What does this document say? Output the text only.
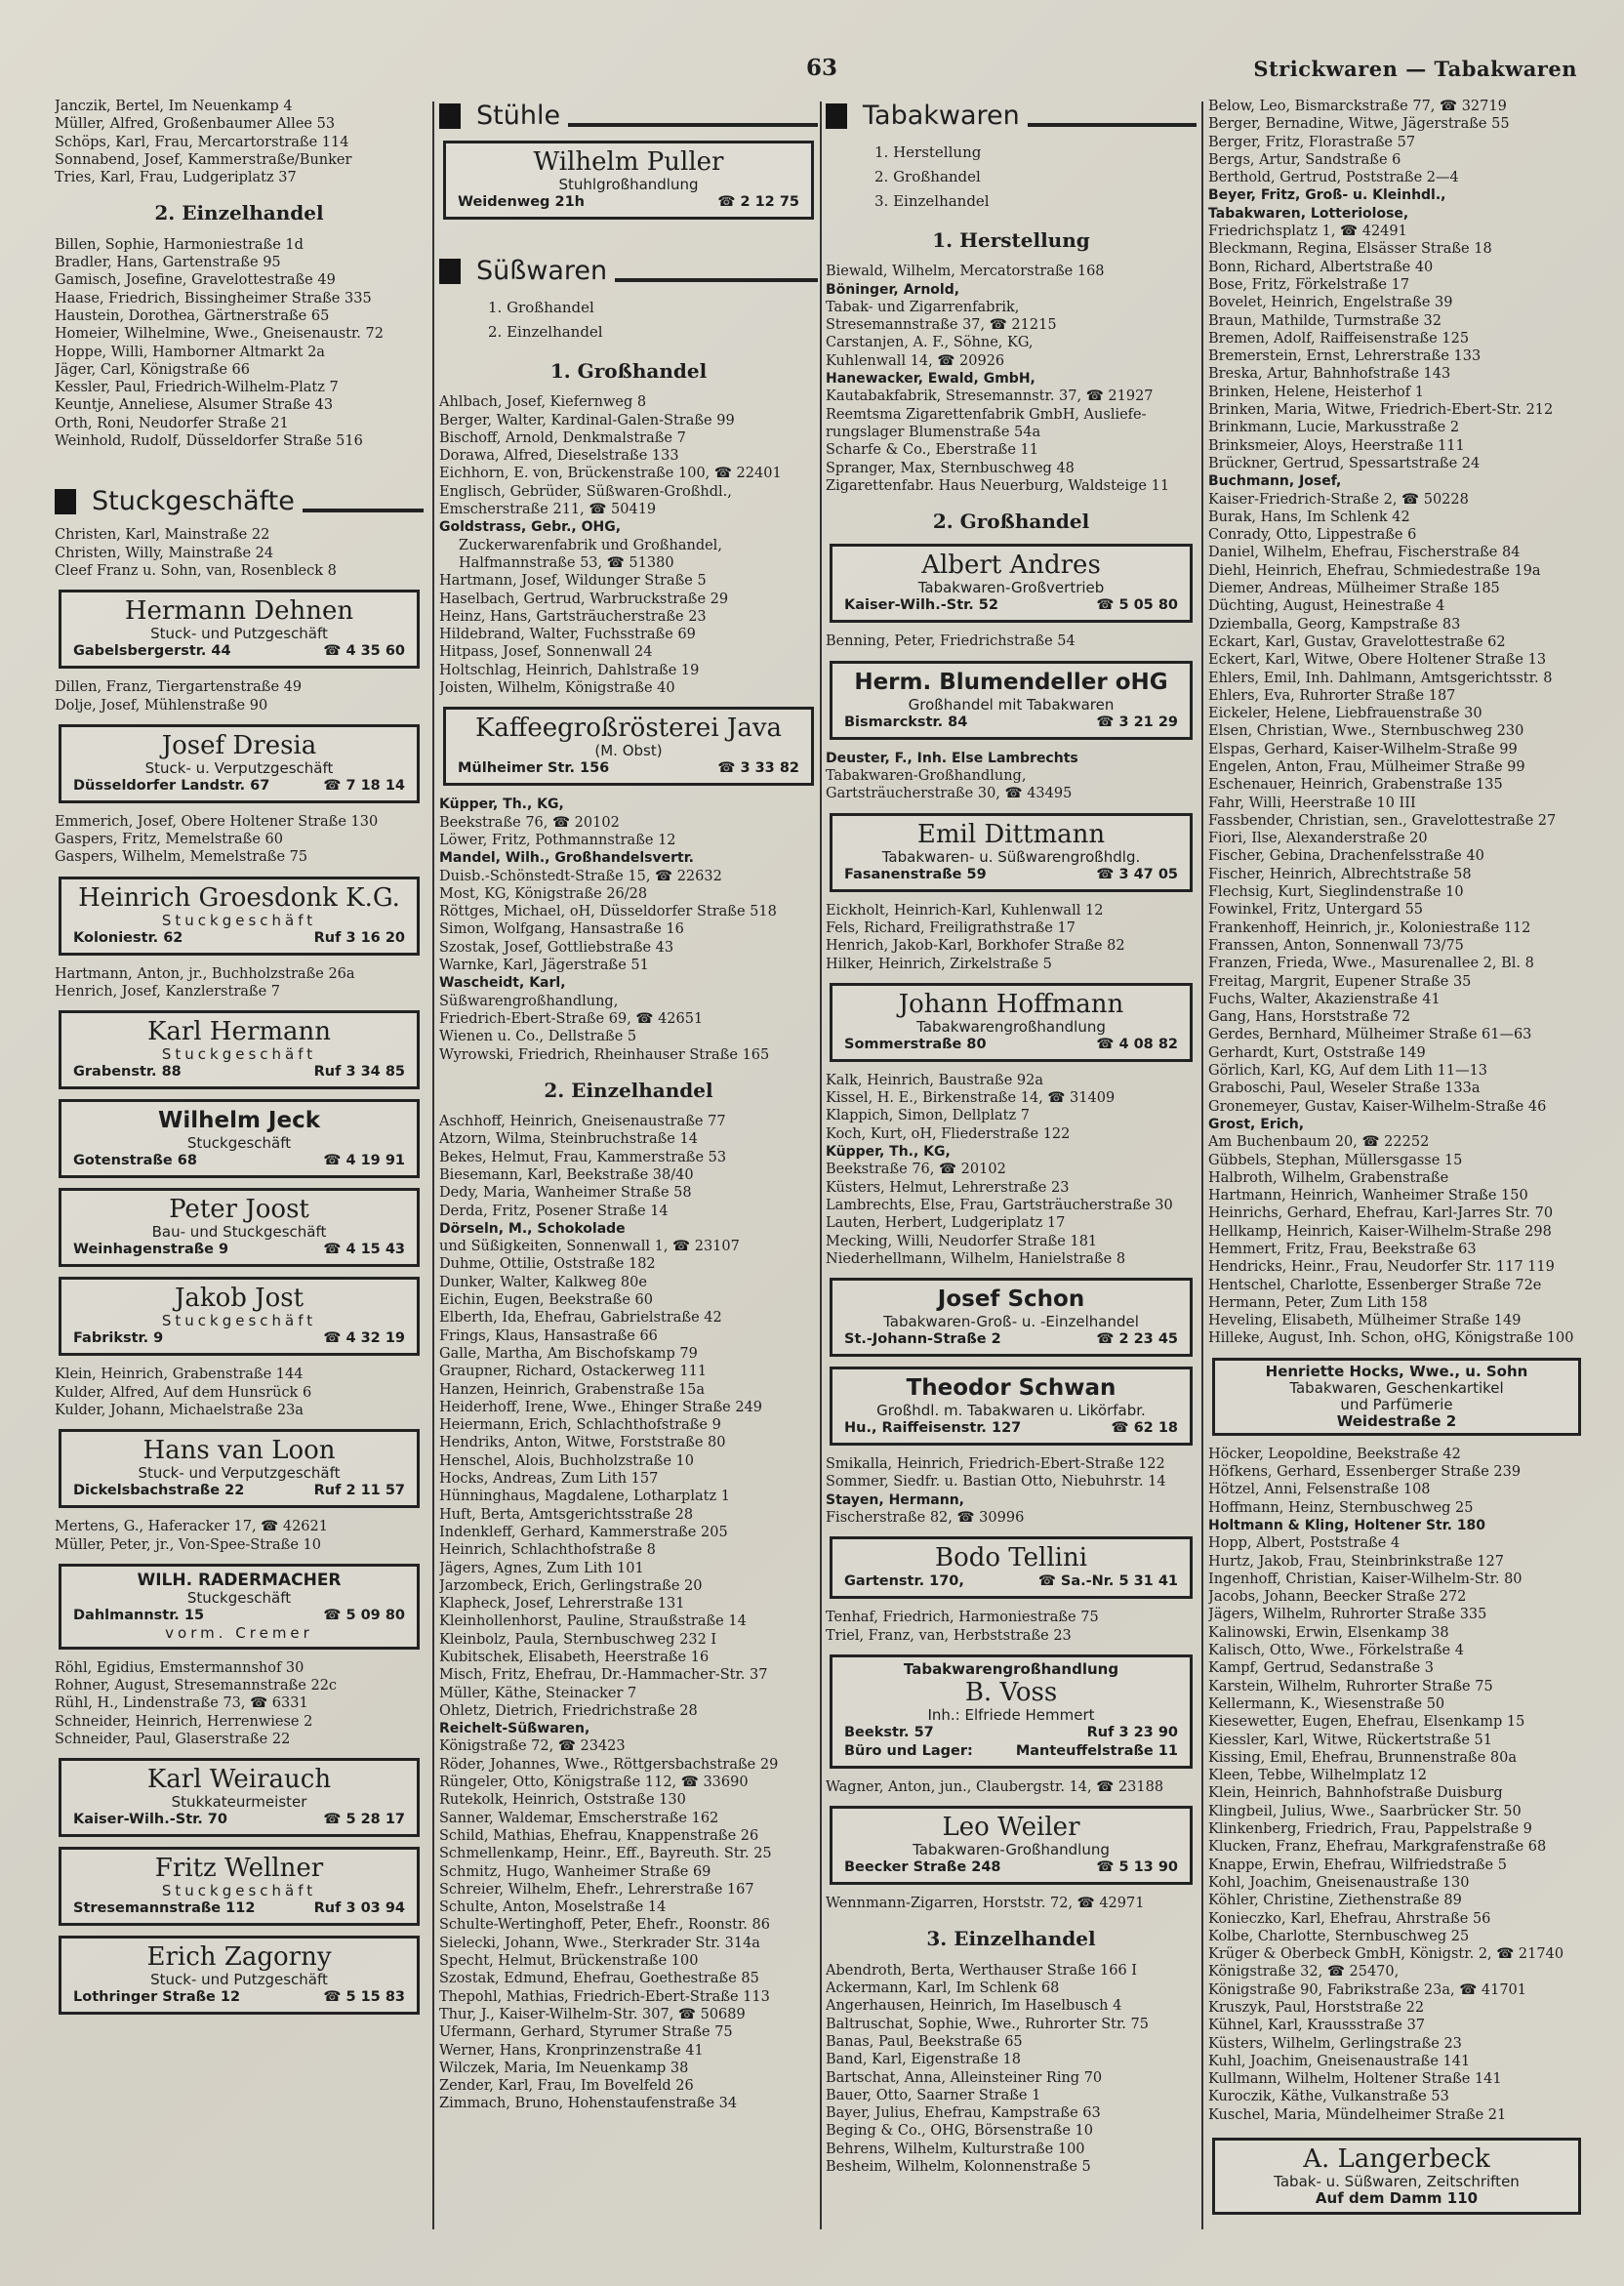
63	Strickwaren — Tabakwaren
Janczik, Bertel, Im Neuenkamp 4
Müller, Alfred, Großenbaumer Allee 53
Schöps, Karl, Frau, Mercartorstraße 114
Sonnabend, Josef, Kammerstraße/Bunker
Tries, Karl, Frau, Ludgeriplatz 37
2. Einzelhandel
Billen, Sophie, Harmoniestraße 1d
Bradler, Hans, Gartenstraße 95
Gamisch, Josefine, Gravelottestraße 49
Haase, Friedrich, Bissingheimer Straße 335
Haustein, Dorothea, Gärtnerstraße 65
Homeier, Wilhelmine, Wwe., Gneisenaustr. 72
Hoppe, Willi, Hamborner Altmarkt 2a
Jäger, Carl, Königstraße 66
Kessler, Paul, Friedrich-Wilhelm-Platz 7
Keuntje, Anneliese, Alsumer Straße 43
Orth, Roni, Neudorfer Straße 21
Weinhold, Rudolf, Düsseldorfer Straße 516
Stuckgeschäfte
Christen, Karl, Mainstraße 22
Christen, Willy, Mainstraße 24
Cleef Franz u. Sohn, van, Rosenbleck 8
Hermann Dehnen
Stuck- und Putzgeschäft
Gabelsbergerstr. 44	☎ 4 35 60
Dillen, Franz, Tiergartenstraße 49
Dolje, Josef, Mühlenstraße 90
Josef Dresia
Stuck- u. Verputzgeschäft
Düsseldorfer Landstr. 67	☎ 7 18 14
Emmerich, Josef, Obere Holtener Straße 130
Gaspers, Fritz, Memelstraße 60
Gaspers, Wilhelm, Memelstraße 75
Heinrich Groesdonk K.G.
Stuckgeschäft
Koloniestr. 62	Ruf 3 16 20
Hartmann, Anton, jr., Buchholzstraße 26a
Henrich, Josef, Kanzlerstraße 7
Karl Hermann
Stuckgeschäft
Grabenstr. 88	Ruf 3 34 85
Wilhelm Jeck
Stuckgeschäft
Gotenstraße 68	☎ 4 19 91
Peter Joost
Bau- und Stuckgeschäft
Weinhagenstraße 9	☎ 4 15 43
Jakob Jost
Stuckgeschäft
Fabrikstr. 9	☎ 4 32 19
Klein, Heinrich, Grabenstraße 144
Kulder, Alfred, Auf dem Hunsrück 6
Kulder, Johann, Michaelstraße 23a
Hans van Loon
Stuck- und Verputzgeschäft
Dickelsbachstraße 22	Ruf 2 11 57
Mertens, G., Haferacker 17, ☎ 42621
Müller, Peter, jr., Von-Spee-Straße 10
WILH. RADERMACHER
Stuckgeschäft
Dahlmannstr. 15	☎ 5 09 80
vorm. Cremer
Röhl, Egidius, Emstermannshof 30
Rohner, August, Stresemannstraße 22c
Rühl, H., Lindenstraße 73, ☎ 6331
Schneider, Heinrich, Herrenwiese 2
Schneider, Paul, Glaserstraße 22
Karl Weirauch
Stukkateurmeister
Kaiser-Wilh.-Str. 70	☎ 5 28 17
Fritz Wellner
Stuckgeschäft
Stresemannstraße 112	Ruf 3 03 94
Erich Zagorny
Stuck- und Putzgeschäft
Lothringer Straße 12	☎ 5 15 83
Stühle
Wilhelm Puller
Stuhlgroßhandlung
Weidenweg 21h	☎ 2 12 75
Süßwaren
1. Großhandel
2. Einzelhandel
1. Großhandel
Ahlbach, Josef, Kiefernweg 8
Berger, Walter, Kardinal-Galen-Straße 99
Bischoff, Arnold, Denkmalstraße 7
Dorawa, Alfred, Dieselstraße 133
Eichhorn, E. von, Brückenstraße 100, ☎ 22401
Englisch, Gebrüder, Süßwaren-Großhdl.,
Emscherstraße 211, ☎ 50419
Goldstrass, Gebr., OHG,
Zuckerwarenfabrik und Großhandel,
Halfmannstraße 53, ☎ 51380
Hartmann, Josef, Wildunger Straße 5
Haselbach, Gertrud, Warbruckstraße 29
Heinz, Hans, Gartsträucherstraße 23
Hildebrand, Walter, Fuchsstraße 69
Hitpass, Josef, Sonnenwall 24
Holtschlag, Heinrich, Dahlstraße 19
Joisten, Wilhelm, Königstraße 40
Kaffeegroßrösterei Java
(M. Obst)
Mülheimer Str. 156	☎ 3 33 82
Küpper, Th., KG,
Beekstraße 76, ☎ 20102
Löwer, Fritz, Pothmannstraße 12
Mandel, Wilh., Großhandelsvertr.
Duisb.-Schönstedt-Straße 15, ☎ 22632
Most, KG, Königstraße 26/28
Röttges, Michael, oH, Düsseldorfer Straße 518
Simon, Wolfgang, Hansastraße 16
Szostak, Josef, Gottliebstraße 43
Warnke, Karl, Jägerstraße 51
Wascheidt, Karl,
Süßwarengroßhandlung,
Friedrich-Ebert-Straße 69, ☎ 42651
Wienen u. Co., Dellstraße 5
Wyrowski, Friedrich, Rheinhauser Straße 165
2. Einzelhandel
Aschhoff, Heinrich, Gneisenaustraße 77
Atzorn, Wilma, Steinbruchstraße 14
Bekes, Helmut, Frau, Kammerstraße 53
Biesemann, Karl, Beekstraße 38/40
Dedy, Maria, Wanheimer Straße 58
Derda, Fritz, Posener Straße 14
Dörseln, M., Schokolade
und Süßigkeiten, Sonnenwall 1, ☎ 23107
Duhme, Ottilie, Oststraße 182
Dunker, Walter, Kalkweg 80e
Eichin, Eugen, Beekstraße 60
Elberth, Ida, Ehefrau, Gabrielstraße 42
Frings, Klaus, Hansastraße 66
Galle, Martha, Am Bischofskamp 79
Graupner, Richard, Ostackerweg 111
Hanzen, Heinrich, Grabenstraße 15a
Heiderhoff, Irene, Wwe., Ehinger Straße 249
Heiermann, Erich, Schlachthofstraße 9
Hendriks, Anton, Witwe, Forststraße 80
Henschel, Alois, Buchholzstraße 10
Hocks, Andreas, Zum Lith 157
Hünninghaus, Magdalene, Lotharplatz 1
Huft, Berta, Amtsgerichtsstraße 28
Indenkleff, Gerhard, Kammerstraße 205
Heinrich, Schlachthofstraße 8
Jägers, Agnes, Zum Lith 101
Jarzombeck, Erich, Gerlingstraße 20
Klapheck, Josef, Lehrerstraße 131
Kleinhollenhorst, Pauline, Straußstraße 14
Kleinbolz, Paula, Sternbuschweg 232 I
Kubitschek, Elisabeth, Heerstraße 16
Misch, Fritz, Ehefrau, Dr.-Hammacher-Str. 37
Müller, Käthe, Steinacker 7
Ohletz, Dietrich, Friedrichstraße 28
Reichelt-Süßwaren,
Königstraße 72, ☎ 23423
Röder, Johannes, Wwe., Röttgersbachstraße 29
Rüngeler, Otto, Königstraße 112, ☎ 33690
Rutekolk, Heinrich, Oststraße 130
Sanner, Waldemar, Emscherstraße 162
Schild, Mathias, Ehefrau, Knappenstraße 26
Schmellenkamp, Heinr., Eff., Bayreuth. Str. 25
Schmitz, Hugo, Wanheimer Straße 69
Schreier, Wilhelm, Ehefr., Lehrerstraße 167
Schulte, Anton, Moselstraße 14
Schulte-Wertinghoff, Peter, Ehefr., Roonstr. 86
Sielecki, Johann, Wwe., Sterkrader Str. 314a
Specht, Helmut, Brückenstraße 100
Szostak, Edmund, Ehefrau, Goethestraße 85
Thepohl, Mathias, Friedrich-Ebert-Straße 113
Thur, J., Kaiser-Wilhelm-Str. 307, ☎ 50689
Ufermann, Gerhard, Styrumer Straße 75
Werner, Hans, Kronprinzenstraße 41
Wilczek, Maria, Im Neuenkamp 38
Zender, Karl, Frau, Im Bovelfeld 26
Zimmach, Bruno, Hohenstaufenstraße 34
Tabakwaren
1. Herstellung
2. Großhandel
3. Einzelhandel
1. Herstellung
Biewald, Wilhelm, Mercatorstraße 168
Böninger, Arnold,
Tabak- und Zigarrenfabrik,
Stresemannstraße 37, ☎ 21215
Carstanjen, A. F., Söhne, KG,
Kuhlenwall 14, ☎ 20926
Hanewacker, Ewald, GmbH,
Kautabakfabrik, Stresemannstr. 37, ☎ 21927
Reemtsma Zigarettenfabrik GmbH, Ausliefe-
rungslager Blumenstraße 54a
Scharfe & Co., Eberstraße 11
Spranger, Max, Sternbuschweg 48
Zigarettenfabr. Haus Neuerburg, Waldsteige 11
2. Großhandel
Albert Andres
Tabakwaren-Großvertrieb
Kaiser-Wilh.-Str. 52	☎ 5 05 80
Benning, Peter, Friedrichstraße 54
Herm. Blumendeller oHG
Großhandel mit Tabakwaren
Bismarckstr. 84	☎ 3 21 29
Deuster, F., Inh. Else Lambrechts
Tabakwaren-Großhandlung,
Gartsträucherstraße 30, ☎ 43495
Emil Dittmann
Tabakwaren- u. Süßwarengroßhdlg.
Fasanenstraße 59	☎ 3 47 05
Eickholt, Heinrich-Karl, Kuhlenwall 12
Fels, Richard, Freiligrathstraße 17
Henrich, Jakob-Karl, Borkhofer Straße 82
Hilker, Heinrich, Zirkelstraße 5
Johann Hoffmann
Tabakwarengroßhandlung
Sommerstraße 80	☎ 4 08 82
Kalk, Heinrich, Baustraße 92a
Kissel, H. E., Birkenstraße 14, ☎ 31409
Klappich, Simon, Dellplatz 7
Koch, Kurt, oH, Fliederstraße 122
Küpper, Th., KG,
Beekstraße 76, ☎ 20102
Küsters, Helmut, Lehrerstraße 23
Lambrechts, Else, Frau, Gartsträucherstraße 30
Lauten, Herbert, Ludgeriplatz 17
Mecking, Willi, Neudorfer Straße 181
Niederhellmann, Wilhelm, Hanielstraße 8
Josef Schon
Tabakwaren-Groß- u. -Einzelhandel
St.-Johann-Straße 2	☎ 2 23 45
Theodor Schwan
Großhdl. m. Tabakwaren u. Likörfabr.
Hu., Raiffeisenstr. 127	☎ 62 18
Smikalla, Heinrich, Friedrich-Ebert-Straße 122
Sommer, Siedfr. u. Bastian Otto, Niebuhrstr. 14
Stayen, Hermann,
Fischerstraße 82, ☎ 30996
Bodo Tellini
Gartenstr. 170,	☎ Sa.-Nr. 5 31 41
Tenhaf, Friedrich, Harmoniestraße 75
Triel, Franz, van, Herbststraße 23
Tabakwarengroßhandlung
B. Voss
Inh.: Elfriede Hemmert
Beekstr. 57	Ruf 3 23 90
Büro und Lager:	Manteuffelstraße 11
Wagner, Anton, jun., Claubergstr. 14, ☎ 23188
Leo Weiler
Tabakwaren-Großhandlung
Beecker Straße 248	☎ 5 13 90
Wennmann-Zigarren, Horststr. 72, ☎ 42971
3. Einzelhandel
Abendroth, Berta, Werthauser Straße 166 I
Ackermann, Karl, Im Schlenk 68
Angerhausen, Heinrich, Im Haselbusch 4
Baltruschat, Sophie, Wwe., Ruhrorter Str. 75
Banas, Paul, Beekstraße 65
Band, Karl, Eigenstraße 18
Bartschat, Anna, Alleinsteiner Ring 70
Bauer, Otto, Saarner Straße 1
Bayer, Julius, Ehefrau, Kampstraße 63
Beging & Co., OHG, Börsenstraße 10
Behrens, Wilhelm, Kulturstraße 100
Besheim, Wilhelm, Kolonnenstraße 5
Below, Leo, Bismarckstraße 77, ☎ 32719
Berger, Bernadine, Witwe, Jägerstraße 55
Berger, Fritz, Florastraße 57
Bergs, Artur, Sandstraße 6
Berthold, Gertrud, Poststraße 2—4
Beyer, Fritz, Groß- u. Kleinhdl.,
Tabakwaren, Lotteriolose,
Friedrichsplatz 1, ☎ 42491
Bleckmann, Regina, Elsässer Straße 18
Bonn, Richard, Albertstraße 40
Bose, Fritz, Förkelstraße 17
Bovelet, Heinrich, Engelstraße 39
Braun, Mathilde, Turmstraße 32
Bremen, Adolf, Raiffeisenstraße 125
Bremerstein, Ernst, Lehrerstraße 133
Breska, Artur, Bahnhofstraße 143
Brinken, Helene, Heisterhof 1
Brinken, Maria, Witwe, Friedrich-Ebert-Str. 212
Brinkmann, Lucie, Markusstraße 2
Brinksmeier, Aloys, Heerstraße 111
Brückner, Gertrud, Spessartstraße 24
Buchmann, Josef,
Kaiser-Friedrich-Straße 2, ☎ 50228
Burak, Hans, Im Schlenk 42
Conrady, Otto, Lippestraße 6
Daniel, Wilhelm, Ehefrau, Fischerstraße 84
Diehl, Heinrich, Ehefrau, Schmiedestraße 19a
Diemer, Andreas, Mülheimer Straße 185
Düchting, August, Heinestraße 4
Dziemballa, Georg, Kampstraße 83
Eckart, Karl, Gustav, Gravelottestraße 62
Eckert, Karl, Witwe, Obere Holtener Straße 13
Ehlers, Emil, Inh. Dahlmann, Amtsgerichtsstr. 8
Ehlers, Eva, Ruhrorter Straße 187
Eickeler, Helene, Liebfrauenstraße 30
Elsen, Christian, Wwe., Sternbuschweg 230
Elspas, Gerhard, Kaiser-Wilhelm-Straße 99
Engelen, Anton, Frau, Mülheimer Straße 99
Eschenauer, Heinrich, Grabenstraße 135
Fahr, Willi, Heerstraße 10 III
Fassbender, Christian, sen., Gravelottestraße 27
Fiori, Ilse, Alexanderstraße 20
Fischer, Gebina, Drachenfelsstraße 40
Fischer, Heinrich, Albrechtstraße 58
Flechsig, Kurt, Sieglindenstraße 10
Fowinkel, Fritz, Untergard 55
Frankenhoff, Heinrich, jr., Koloniestraße 112
Franssen, Anton, Sonnenwall 73/75
Franzen, Frieda, Wwe., Masurenallee 2, Bl. 8
Freitag, Margrit, Eupener Straße 35
Fuchs, Walter, Akazienstraße 41
Gang, Hans, Horststraße 72
Gerdes, Bernhard, Mülheimer Straße 61—63
Gerhardt, Kurt, Oststraße 149
Görlich, Karl, KG, Auf dem Lith 11—13
Graboschi, Paul, Weseler Straße 133a
Gronemeyer, Gustav, Kaiser-Wilhelm-Straße 46
Grost, Erich,
Am Buchenbaum 20, ☎ 22252
Gübbels, Stephan, Müllersgasse 15
Halbroth, Wilhelm, Grabenstraße
Hartmann, Heinrich, Wanheimer Straße 150
Heinrichs, Gerhard, Ehefrau, Karl-Jarres Str. 70
Hellkamp, Heinrich, Kaiser-Wilhelm-Straße 298
Hemmert, Fritz, Frau, Beekstraße 63
Hendricks, Heinr., Frau, Neudorfer Str. 117 119
Hentschel, Charlotte, Essenberger Straße 72e
Hermann, Peter, Zum Lith 158
Heveling, Elisabeth, Mülheimer Straße 149
Hilleke, August, Inh. Schon, oHG, Königstraße 100
Henriette Hocks, Wwe., u. Sohn
Tabakwaren, Geschenkartikel
und Parfümerie
Weidestraße 2
Höcker, Leopoldine, Beekstraße 42
Höfkens, Gerhard, Essenberger Straße 239
Hötzel, Anni, Felsenstraße 108
Hoffmann, Heinz, Sternbuschweg 25
Holtmann & Kling, Holtener Str. 180
Hopp, Albert, Poststraße 4
Hurtz, Jakob, Frau, Steinbrinkstraße 127
Ingenhoff, Christian, Kaiser-Wilhelm-Str. 80
Jacobs, Johann, Beecker Straße 272
Jägers, Wilhelm, Ruhrorter Straße 335
Kalinowski, Erwin, Elsenkamp 38
Kalisch, Otto, Wwe., Förkelstraße 4
Kampf, Gertrud, Sedanstraße 3
Karstein, Wilhelm, Ruhrorter Straße 75
Kellermann, K., Wiesenstraße 50
Kiesewetter, Eugen, Ehefrau, Elsenkamp 15
Kiessler, Karl, Witwe, Rückertstraße 51
Kissing, Emil, Ehefrau, Brunnenstraße 80a
Kleen, Tebbe, Wilhelmplatz 12
Klein, Heinrich, Bahnhofstraße Duisburg
Klingbeil, Julius, Wwe., Saarbrücker Str. 50
Klinkenberg, Friedrich, Frau, Pappelstraße 9
Klucken, Franz, Ehefrau, Markgrafenstraße 68
Knappe, Erwin, Ehefrau, Wilfriedstraße 5
Kohl, Joachim, Gneisenaustraße 130
Köhler, Christine, Ziethenstraße 89
Konieczko, Karl, Ehefrau, Ahrstraße 56
Kolbe, Charlotte, Sternbuschweg 25
Krüger & Oberbeck GmbH, Königstr. 2, ☎ 21740
Königstraße 32, ☎ 25470,
Königstraße 90, Fabrikstraße 23a, ☎ 41701
Kruszyk, Paul, Horststraße 22
Kühnel, Karl, Kraussstraße 37
Küsters, Wilhelm, Gerlingstraße 23
Kuhl, Joachim, Gneisenaustraße 141
Kullmann, Wilhelm, Holtener Straße 141
Kuroczik, Käthe, Vulkanstraße 53
Kuschel, Maria, Mündelheimer Straße 21
A. Langerbeck
Tabak- u. Süßwaren, Zeitschriften
Auf dem Damm 110
